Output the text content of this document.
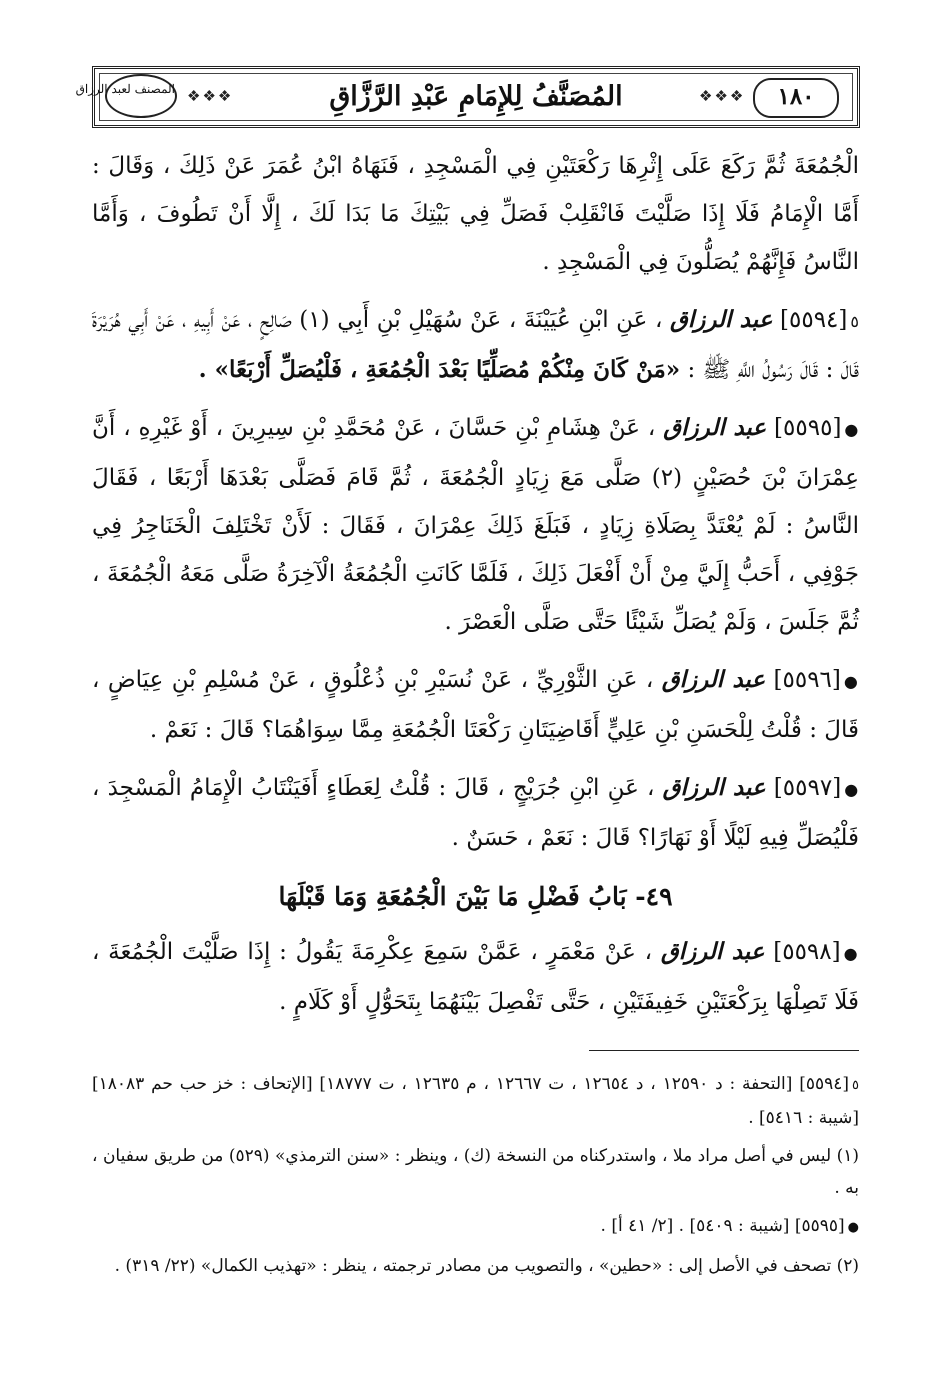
١٨٠
❖❖❖
المُصَنَّفُ لِلإِمَامِ عَبْدِ الرَّزَّاقِ
❖❖❖
المصنف لعبد الرزاق

الْجُمُعَةَ ثُمَّ رَكَعَ عَلَى إِثْرِهَا رَكْعَتَيْنِ فِي الْمَسْجِدِ ، فَنَهَاهُ ابْنُ عُمَرَ عَنْ ذَلِكَ ، وَقَالَ : أَمَّا الْإِمَامُ فَلَا إِذَا صَلَّيْتَ فَانْقَلِبْ فَصَلِّ فِي بَيْتِكَ مَا بَدَا لَكَ ، إِلَّا أَنْ تَطُوفَ ، وَأَمَّا النَّاسُ فَإِنَّهُمْ يُصَلُّونَ فِي الْمَسْجِدِ .

٥[٥٥٩٤] عبد الرزاق ، عَنِ ابْنِ عُيَيْنَةَ ، عَنْ سُهَيْلِ بْنِ أَبِي (١) صَالِحٍ ، عَنْ أَبِيهِ ، عَنْ أَبِي هُرَيْرَةَ قَالَ : قَالَ رَسُولُ اللَّهِ ﷺ : «مَنْ كَانَ مِنْكُمْ مُصَلِّيًا بَعْدَ الْجُمُعَةِ ، فَلْيُصَلِّ أَرْبَعًا» .

●[٥٥٩٥] عبد الرزاق ، عَنْ هِشَامِ بْنِ حَسَّانَ ، عَنْ مُحَمَّدِ بْنِ سِيرِينَ ، أَوْ غَيْرِهِ ، أَنَّ عِمْرَانَ بْنَ حُصَيْنٍ (٢) صَلَّى مَعَ زِيَادٍ الْجُمُعَةَ ، ثُمَّ قَامَ فَصَلَّى بَعْدَهَا أَرْبَعًا ، فَقَالَ النَّاسُ : لَمْ يُعْتَدَّ بِصَلَاةِ زِيَادٍ ، فَبَلَغَ ذَلِكَ عِمْرَانَ ، فَقَالَ : لَأَنْ تَخْتَلِفَ الْخَنَاجِرُ فِي جَوْفِي ، أَحَبُّ إِلَيَّ مِنْ أَنْ أَفْعَلَ ذَلِكَ ، فَلَمَّا كَانَتِ الْجُمُعَةُ الْآخِرَةُ صَلَّى مَعَهُ الْجُمُعَةَ ، ثُمَّ جَلَسَ ، وَلَمْ يُصَلِّ شَيْئًا حَتَّى صَلَّى الْعَصْرَ .

●[٥٥٩٦] عبد الرزاق ، عَنِ الثَّوْرِيِّ ، عَنْ نُسَيْرِ بْنِ ذُعْلُوقٍ ، عَنْ مُسْلِمِ بْنِ عِيَاضٍ ، قَالَ : قُلْتُ لِلْحَسَنِ بْنِ عَلِيٍّ أَقَاضِيَتَانِ رَكْعَتَا الْجُمُعَةِ مِمَّا سِوَاهُمَا؟ قَالَ : نَعَمْ .

●[٥٥٩٧] عبد الرزاق ، عَنِ ابْنِ جُرَيْجٍ ، قَالَ : قُلْتُ لِعَطَاءٍ أَفَيَنْتَابُ الْإِمَامُ الْمَسْجِدَ ، فَلْيُصَلِّ فِيهِ لَيْلًا أَوْ نَهَارًا؟ قَالَ : نَعَمْ ، حَسَنٌ .

٤٩- بَابُ فَضْلِ مَا بَيْنَ الْجُمُعَةِ وَمَا قَبْلَهَا

●[٥٥٩٨] عبد الرزاق ، عَنْ مَعْمَرٍ ، عَمَّنْ سَمِعَ عِكْرِمَةَ يَقُولُ : إِذَا صَلَّيْتَ الْجُمُعَةَ ، فَلَا تَصِلْهَا بِرَكْعَتَيْنِ خَفِيفَتَيْنِ ، حَتَّى تَفْصِلَ بَيْنَهُمَا بِتَحَوُّلٍ أَوْ كَلَامٍ .

٥[٥٥٩٤] [التحفة : د ١٢٥٩٠ ، د ١٢٦٥٤ ، ت ١٢٦٦٧ ، م ١٢٦٣٥ ، ت ١٨٧٧٧] [الإتحاف : خز حب حم ١٨٠٨٣] [شيبة : ٥٤١٦] .

(١) ليس في أصل مراد ملا ، واستدركناه من النسخة (ك) ، وينظر : «سنن الترمذي» (٥٢٩) من طريق سفيان ، به .

●[٥٥٩٥] [شيبة : ٥٤٠٩] . [٢/ ٤١ أ] .

(٢) تصحف في الأصل إلى : «حطين» ، والتصويب من مصادر ترجمته ، ينظر : «تهذيب الكمال» (٢٢/ ٣١٩) .
